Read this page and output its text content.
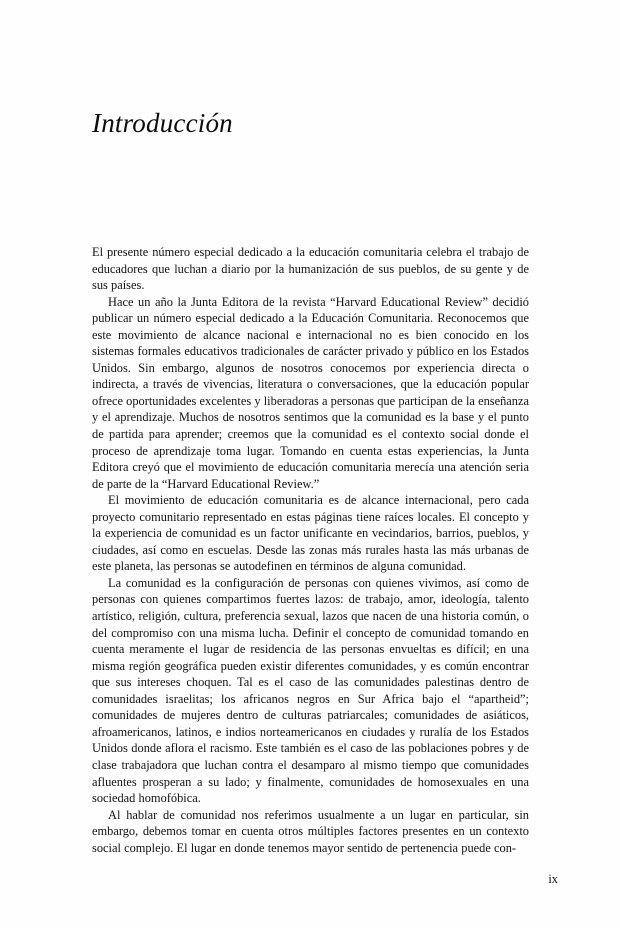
Introducción

El presente número especial dedicado a la educación comunitaria celebra el trabajo de educadores que luchan a diario por la humanización de sus pueblos, de su gente y de sus países.

Hace un año la Junta Editora de la revista “Harvard Educational Review” decidió publicar un número especial dedicado a la Educación Comunitaria. Reconocemos que este movimiento de alcance nacional e internacional no es bien conocido en los sistemas formales educativos tradicionales de carácter privado y público en los Estados Unidos. Sin embargo, algunos de nosotros conocemos por experiencia directa o indirecta, a través de vivencias, literatura o conversaciones, que la educación popular ofrece oportunidades excelentes y liberadoras a personas que participan de la enseñanza y el aprendizaje. Muchos de nosotros sentimos que la comunidad es la base y el punto de partida para aprender; creemos que la comunidad es el contexto social donde el proceso de aprendizaje toma lugar. Tomando en cuenta estas experiencias, la Junta Editora creyó que el movimiento de educación comunitaria merecía una atención seria de parte de la “Harvard Educational Review.”

El movimiento de educación comunitaria es de alcance internacional, pero cada proyecto comunitario representado en estas páginas tiene raíces locales. El concepto y la experiencia de comunidad es un factor unificante en vecindarios, barrios, pueblos, y ciudades, así como en escuelas. Desde las zonas más rurales hasta las más urbanas de este planeta, las personas se autodefinen en términos de alguna comunidad.

La comunidad es la configuración de personas con quienes vivimos, así como de personas con quienes compartimos fuertes lazos: de trabajo, amor, ideología, talento artístico, religión, cultura, preferencia sexual, lazos que nacen de una historia común, o del compromiso con una misma lucha. Definir el concepto de comunidad tomando en cuenta meramente el lugar de residencia de las personas envueltas es difícil; en una misma región geográfica pueden existir diferentes comunidades, y es común encontrar que sus intereses choquen. Tal es el caso de las comunidades palestinas dentro de comunidades israelitas; los africanos negros en Sur Africa bajo el “apartheid”; comunidades de mujeres dentro de culturas patriarcales; comunidades de asiáticos, afroamericanos, latinos, e indios norteamericanos en ciudades y ruralía de los Estados Unidos donde aflora el racismo. Este también es el caso de las poblaciones pobres y de clase trabajadora que luchan contra el desamparo al mismo tiempo que comunidades afluentes prosperan a su lado; y finalmente, comunidades de homosexuales en una sociedad homofóbica.

Al hablar de comunidad nos referimos usualmente a un lugar en particular, sin embargo, debemos tomar en cuenta otros múltiples factores presentes en un contexto social complejo. El lugar en donde tenemos mayor sentido de pertenencia puede con-

ix
